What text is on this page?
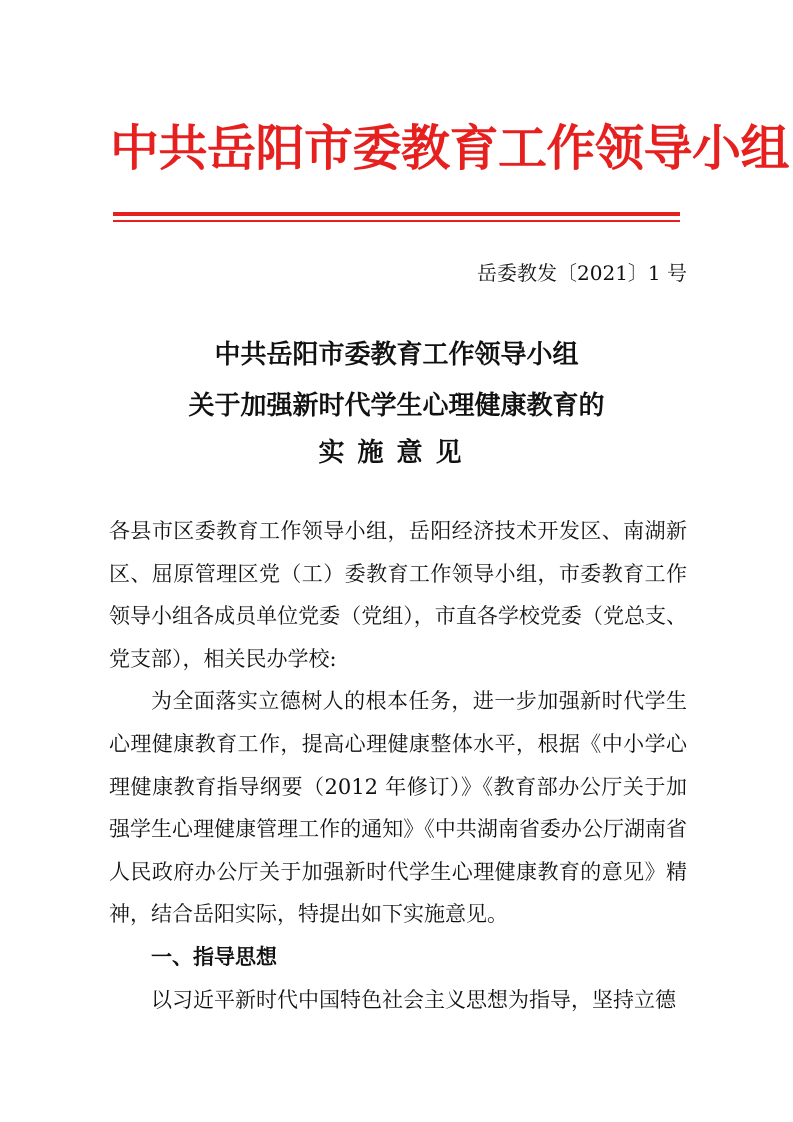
中共岳阳市委教育工作领导小组
岳委教发〔2021〕1 号
中共岳阳市委教育工作领导小组
关于加强新时代学生心理健康教育的
实施意见

各县市区委教育工作领导小组，岳阳经济技术开发区、南湖新区、屈原管理区党（工）委教育工作领导小组，市委教育工作领导小组各成员单位党委（党组），市直各学校党委（党总支、党支部），相关民办学校:

为全面落实立德树人的根本任务，进一步加强新时代学生心理健康教育工作，提高心理健康整体水平，根据《中小学心理健康教育指导纲要（2012 年修订）》《教育部办公厅关于加强学生心理健康管理工作的通知》《中共湖南省委办公厅湖南省人民政府办公厅关于加强新时代学生心理健康教育的意见》精神，结合岳阳实际，特提出如下实施意见。

一、指导思想

以习近平新时代中国特色社会主义思想为指导，坚持立德
